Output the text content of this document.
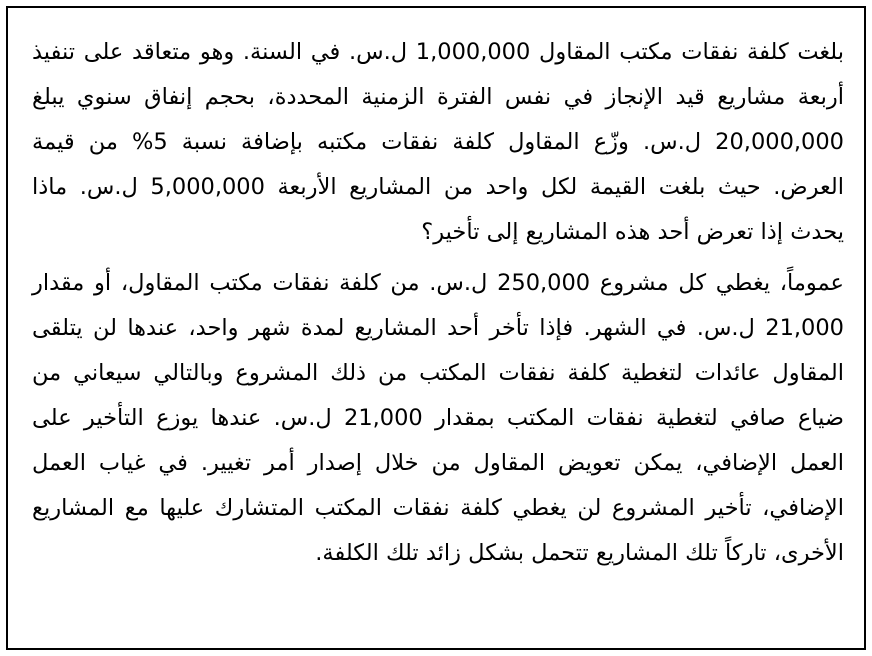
بلغت كلفة نفقات مكتب المقاول 1,000,000 ل.س. في السنة. وهو متعاقد على تنفيذ أربعة مشاريع قيد الإنجاز في نفس الفترة الزمنية المحددة، بحجم إنفاق سنوي يبلغ 20,000,000 ل.س. وزّع المقاول كلفة نفقات مكتبه بإضافة نسبة 5% من قيمة العرض. حيث بلغت القيمة لكل واحد من المشاريع الأربعة 5,000,000 ل.س. ماذا يحدث إذا تعرض أحد هذه المشاريع إلى تأخير؟

عموماً، يغطي كل مشروع 250,000 ل.س. من كلفة نفقات مكتب المقاول، أو مقدار 21,000 ل.س. في الشهر. فإذا تأخر أحد المشاريع لمدة شهر واحد، عندها لن يتلقى المقاول عائدات لتغطية كلفة نفقات المكتب من ذلك المشروع وبالتالي سيعاني من ضياع صافي لتغطية نفقات المكتب بمقدار 21,000 ل.س. عندها يوزع التأخير على العمل الإضافي، يمكن تعويض المقاول من خلال إصدار أمر تغيير. في غياب العمل الإضافي، تأخير المشروع لن يغطي كلفة نفقات المكتب المتشارك عليها مع المشاريع الأخرى، تاركاً تلك المشاريع تتحمل بشكل زائد تلك الكلفة.
